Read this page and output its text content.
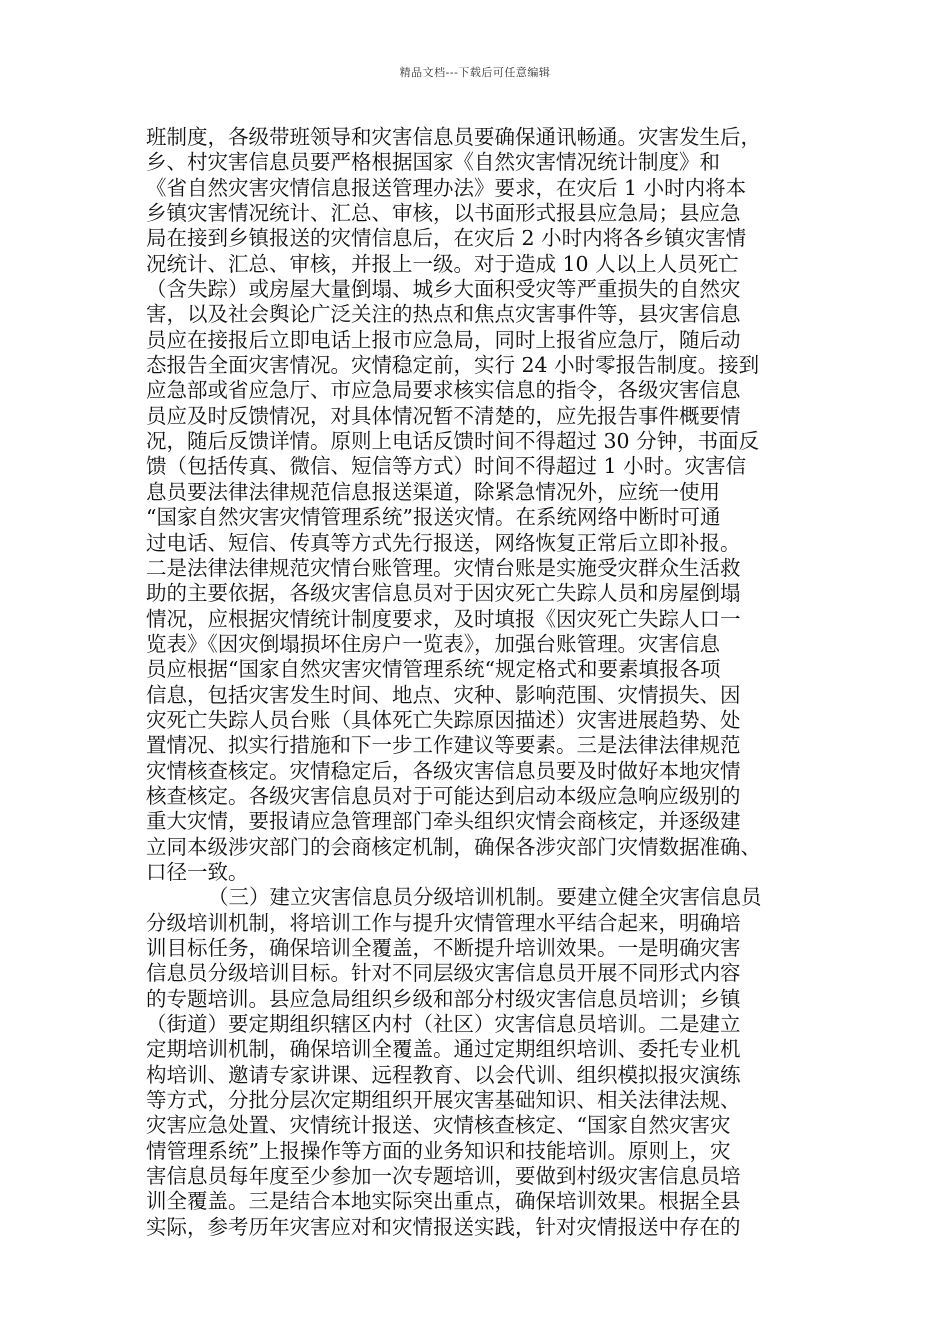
精品文档---下载后可任意编辑
班制度，各级带班领导和灾害信息员要确保通讯畅通。灾害发生后，
乡、村灾害信息员要严格根据国家《自然灾害情况统计制度》和
《省自然灾害灾情信息报送管理办法》要求，在灾后 1 小时内将本
乡镇灾害情况统计、汇总、审核，以书面形式报县应急局；县应急
局在接到乡镇报送的灾情信息后，在灾后 2 小时内将各乡镇灾害情
况统计、汇总、审核，并报上一级。对于造成 10 人以上人员死亡
（含失踪）或房屋大量倒塌、城乡大面积受灾等严重损失的自然灾
害，以及社会舆论广泛关注的热点和焦点灾害事件等，县灾害信息
员应在接报后立即电话上报市应急局，同时上报省应急厅，随后动
态报告全面灾害情况。灾情稳定前，实行 24 小时零报告制度。接到
应急部或省应急厅、市应急局要求核实信息的指令，各级灾害信息
员应及时反馈情况，对具体情况暂不清楚的，应先报告事件概要情
况，随后反馈详情。原则上电话反馈时间不得超过 30 分钟，书面反
馈（包括传真、微信、短信等方式）时间不得超过 1 小时。灾害信
息员要法律法律规范信息报送渠道，除紧急情况外，应统一使用
“国家自然灾害灾情管理系统”报送灾情。在系统网络中断时可通
过电话、短信、传真等方式先行报送，网络恢复正常后立即补报。
二是法律法律规范灾情台账管理。灾情台账是实施受灾群众生活救
助的主要依据，各级灾害信息员对于因灾死亡失踪人员和房屋倒塌
情况，应根据灾情统计制度要求，及时填报《因灾死亡失踪人口一
览表》《因灾倒塌损坏住房户一览表》，加强台账管理。灾害信息
员应根据“国家自然灾害灾情管理系统“规定格式和要素填报各项
信息，包括灾害发生时间、地点、灾种、影响范围、灾情损失、因
灾死亡失踪人员台账（具体死亡失踪原因描述）灾害进展趋势、处
置情况、拟实行措施和下一步工作建议等要素。三是法律法律规范
灾情核查核定。灾情稳定后，各级灾害信息员要及时做好本地灾情
核查核定。各级灾害信息员对于可能达到启动本级应急响应级别的
重大灾情，要报请应急管理部门牵头组织灾情会商核定，并逐级建
立同本级涉灾部门的会商核定机制，确保各涉灾部门灾情数据准确、
口径一致。
（三）建立灾害信息员分级培训机制。要建立健全灾害信息员
分级培训机制，将培训工作与提升灾情管理水平结合起来，明确培
训目标任务，确保培训全覆盖，不断提升培训效果。一是明确灾害
信息员分级培训目标。针对不同层级灾害信息员开展不同形式内容
的专题培训。县应急局组织乡级和部分村级灾害信息员培训；乡镇
（街道）要定期组织辖区内村（社区）灾害信息员培训。二是建立
定期培训机制，确保培训全覆盖。通过定期组织培训、委托专业机
构培训、邀请专家讲课、远程教育、以会代训、组织模拟报灾演练
等方式，分批分层次定期组织开展灾害基础知识、相关法律法规、
灾害应急处置、灾情统计报送、灾情核查核定、“国家自然灾害灾
情管理系统”上报操作等方面的业务知识和技能培训。原则上，灾
害信息员每年度至少参加一次专题培训，要做到村级灾害信息员培
训全覆盖。三是结合本地实际突出重点，确保培训效果。根据全县
实际，参考历年灾害应对和灾情报送实践，针对灾情报送中存在的
